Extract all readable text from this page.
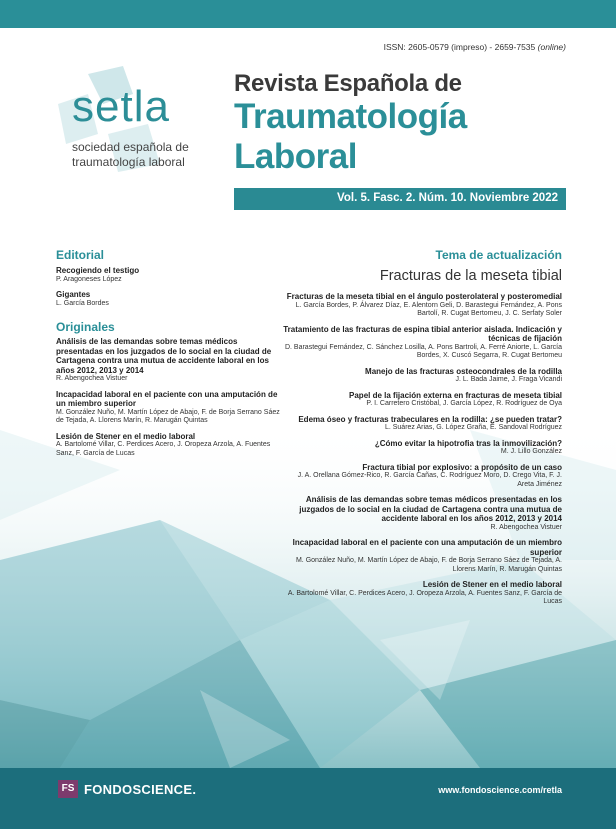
ISSN: 2605-0579 (impreso) - 2659-7535 (online)
setla
sociedad española de
traumatología laboral
Revista Española de
Traumatología
Laboral
Vol. 5. Fasc. 2. Núm. 10. Noviembre 2022
Editorial
Recogiendo el testigo
P. Aragoneses López
Gigantes
L. García Bordes
Originales
Análisis de las demandas sobre temas médicos presentadas en los juzgados de lo social en la ciudad de Cartagena contra una mutua de accidente laboral en los años 2012, 2013 y 2014
R. Abengochea Vistuer
Incapacidad laboral en el paciente con una amputación de un miembro superior
M. González Nuño, M. Martín López de Abajo, F. de Borja Serrano Sáez de Tejada, A. Llorens Marín, R. Marugán Quintas
Lesión de Stener en el medio laboral
A. Bartolomé Villar, C. Perdices Acero, J. Oropeza Arzola, A. Fuentes Sanz, F. García de Lucas
Tema de actualización
Fracturas de la meseta tibial
Fracturas de la meseta tibial en el ángulo posterolateral y posteromedial
L. García Bordes, P. Álvarez Díaz, E. Alentorn Geli, D. Barastegui Fernández, A. Pons Bartolí, R. Cugat Bertomeu, J. C. Serfaty Soler
Tratamiento de las fracturas de espina tibial anterior aislada. Indicación y técnicas de fijación
D. Barastegui Fernández, C. Sánchez Losilla, A. Pons Bartroli, A. Ferré Aniorte, L. García Bordes, X. Cuscó Segarra, R. Cugat Bertomeu
Manejo de las fracturas osteocondrales de la rodilla
J. L. Bada Jaime, J. Fraga Vicandi
Papel de la fijación externa en fracturas de meseta tibial
P. I. Carretero Cristóbal, J. García López, R. Rodríguez de Oya
Edema óseo y fracturas trabeculares en la rodilla: ¿se pueden tratar?
L. Suárez Arias, G. López Graña, E. Sandoval Rodríguez
¿Cómo evitar la hipotrofia tras la inmovilización?
M. J. Lillo González
Fractura tibial por explosivo: a propósito de un caso
J. A. Orellana Gómez-Rico, R. García Cañas, C. Rodríguez Moro, D. Crego Vita, F. J. Areta Jiménez
Análisis de las demandas sobre temas médicos presentadas en los juzgados de lo social en la ciudad de Cartagena contra una mutua de accidente laboral en los años 2012, 2013 y 2014
R. Abengochea Vistuer
Incapacidad laboral en el paciente con una amputación de un miembro superior
M. González Nuño, M. Martín López de Abajo, F. de Borja Serrano Sáez de Tejada, A. Llorens Marín, R. Marugán Quintas
Lesión de Stener en el medio laboral
A. Bartolomé Villar, C. Perdices Acero, J. Oropeza Arzola, A. Fuentes Sanz, F. García de Lucas
FS FONDOSCIENCE.	www.fondoscience.com/retla
